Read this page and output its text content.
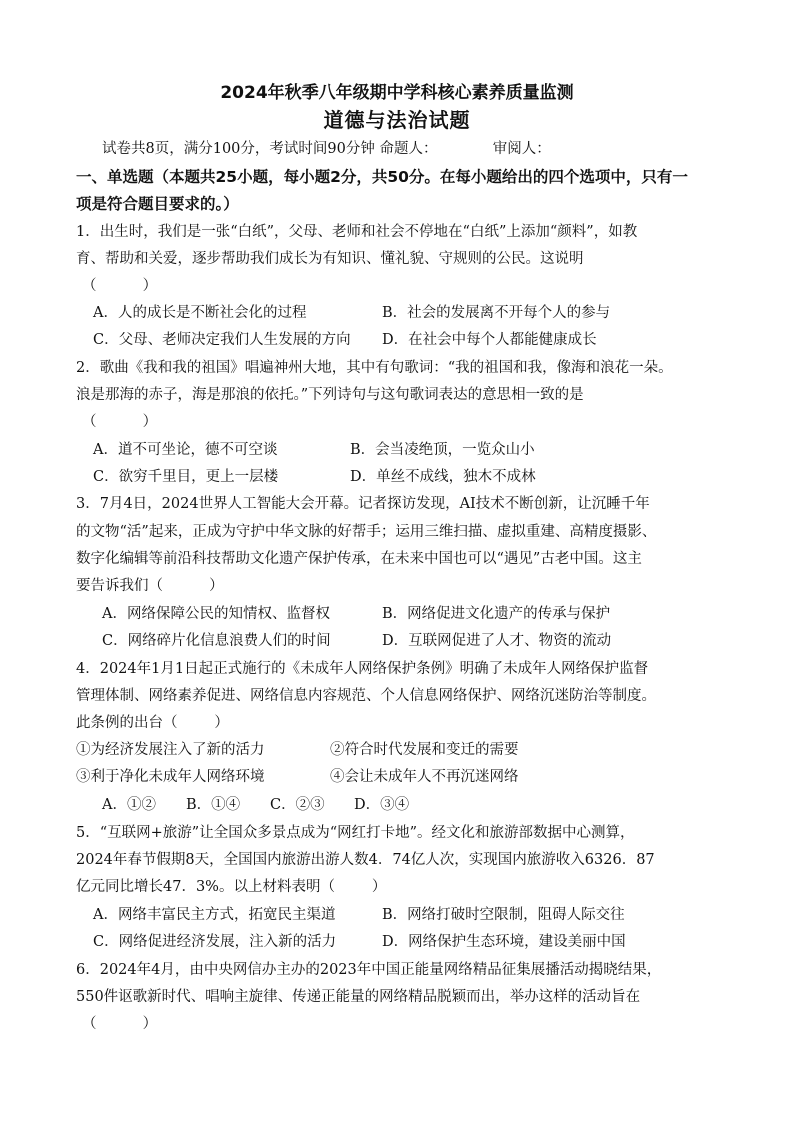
2024年秋季八年级期中学科核心素养质量监测
道德与法治试题
试卷共8页，满分100分，考试时间90分钟 命题人：            审阅人：
一、单选题（本题共25小题，每小题2分，共50分。在每小题给出的四个选项中，只有一
项是符合题目要求的。）
1．出生时，我们是一张“白纸”，父母、老师和社会不停地在“白纸”上添加“颜料”，如教
育、帮助和关爱，逐步帮助我们成长为有知识、懂礼貌、守规则的公民。这说明
（          ）
A．人的成长是不断社会化的过程	B．社会的发展离不开每个人的参与
C．父母、老师决定我们人生发展的方向 D．在社会中每个人都能健康成长
2．歌曲《我和我的祖国》唱遍神州大地，其中有句歌词：“我的祖国和我，像海和浪花一朵。
浪是那海的赤子，海是那浪的依托。”下列诗句与这句歌词表达的意思相一致的是
（          ）
A．道不可坐论，德不可空谈	B．会当凌绝顶，一览众山小
C．欲穷千里目，更上一层楼	D．单丝不成线，独木不成林
3．7月4日，2024世界人工智能大会开幕。记者探访发现，AI技术不断创新，让沉睡千年
的文物“活”起来，正成为守护中华文脉的好帮手；运用三维扫描、虚拟重建、高精度摄影、
数字化编辑等前沿科技帮助文化遗产保护传承，在未来中国也可以“遇见”古老中国。这主
要告诉我们（          ）
A．网络保障公民的知情权、监督权	B．网络促进文化遗产的传承与保护
C．网络碎片化信息浪费人们的时间	D．互联网促进了人才、物资的流动
4．2024年1月1日起正式施行的《未成年人网络保护条例》明确了未成年人网络保护监督
管理体制、网络素养促进、网络信息内容规范、个人信息网络保护、网络沉迷防治等制度。
此条例的出台（        ）
①为经济发展注入了新的活力	②符合时代发展和变迁的需要
③利于净化未成年人网络环境	④会让未成年人不再沉迷网络
A．①② B．①④ C．②③ D．③④
5．“互联网+旅游”让全国众多景点成为“网红打卡地”。经文化和旅游部数据中心测算，
2024年春节假期8天，全国国内旅游出游人数4．74亿人次，实现国内旅游收入6326．87
亿元同比增长47．3%。以上材料表明（        ）
A．网络丰富民主方式，拓宽民主渠道	B．网络打破时空限制，阻碍人际交往
C．网络促进经济发展，注入新的活力	D．网络保护生态环境，建设美丽中国
6．2024年4月，由中央网信办主办的2023年中国正能量网络精品征集展播活动揭晓结果，
550件讴歌新时代、唱响主旋律、传递正能量的网络精品脱颖而出，举办这样的活动旨在
（          ）
